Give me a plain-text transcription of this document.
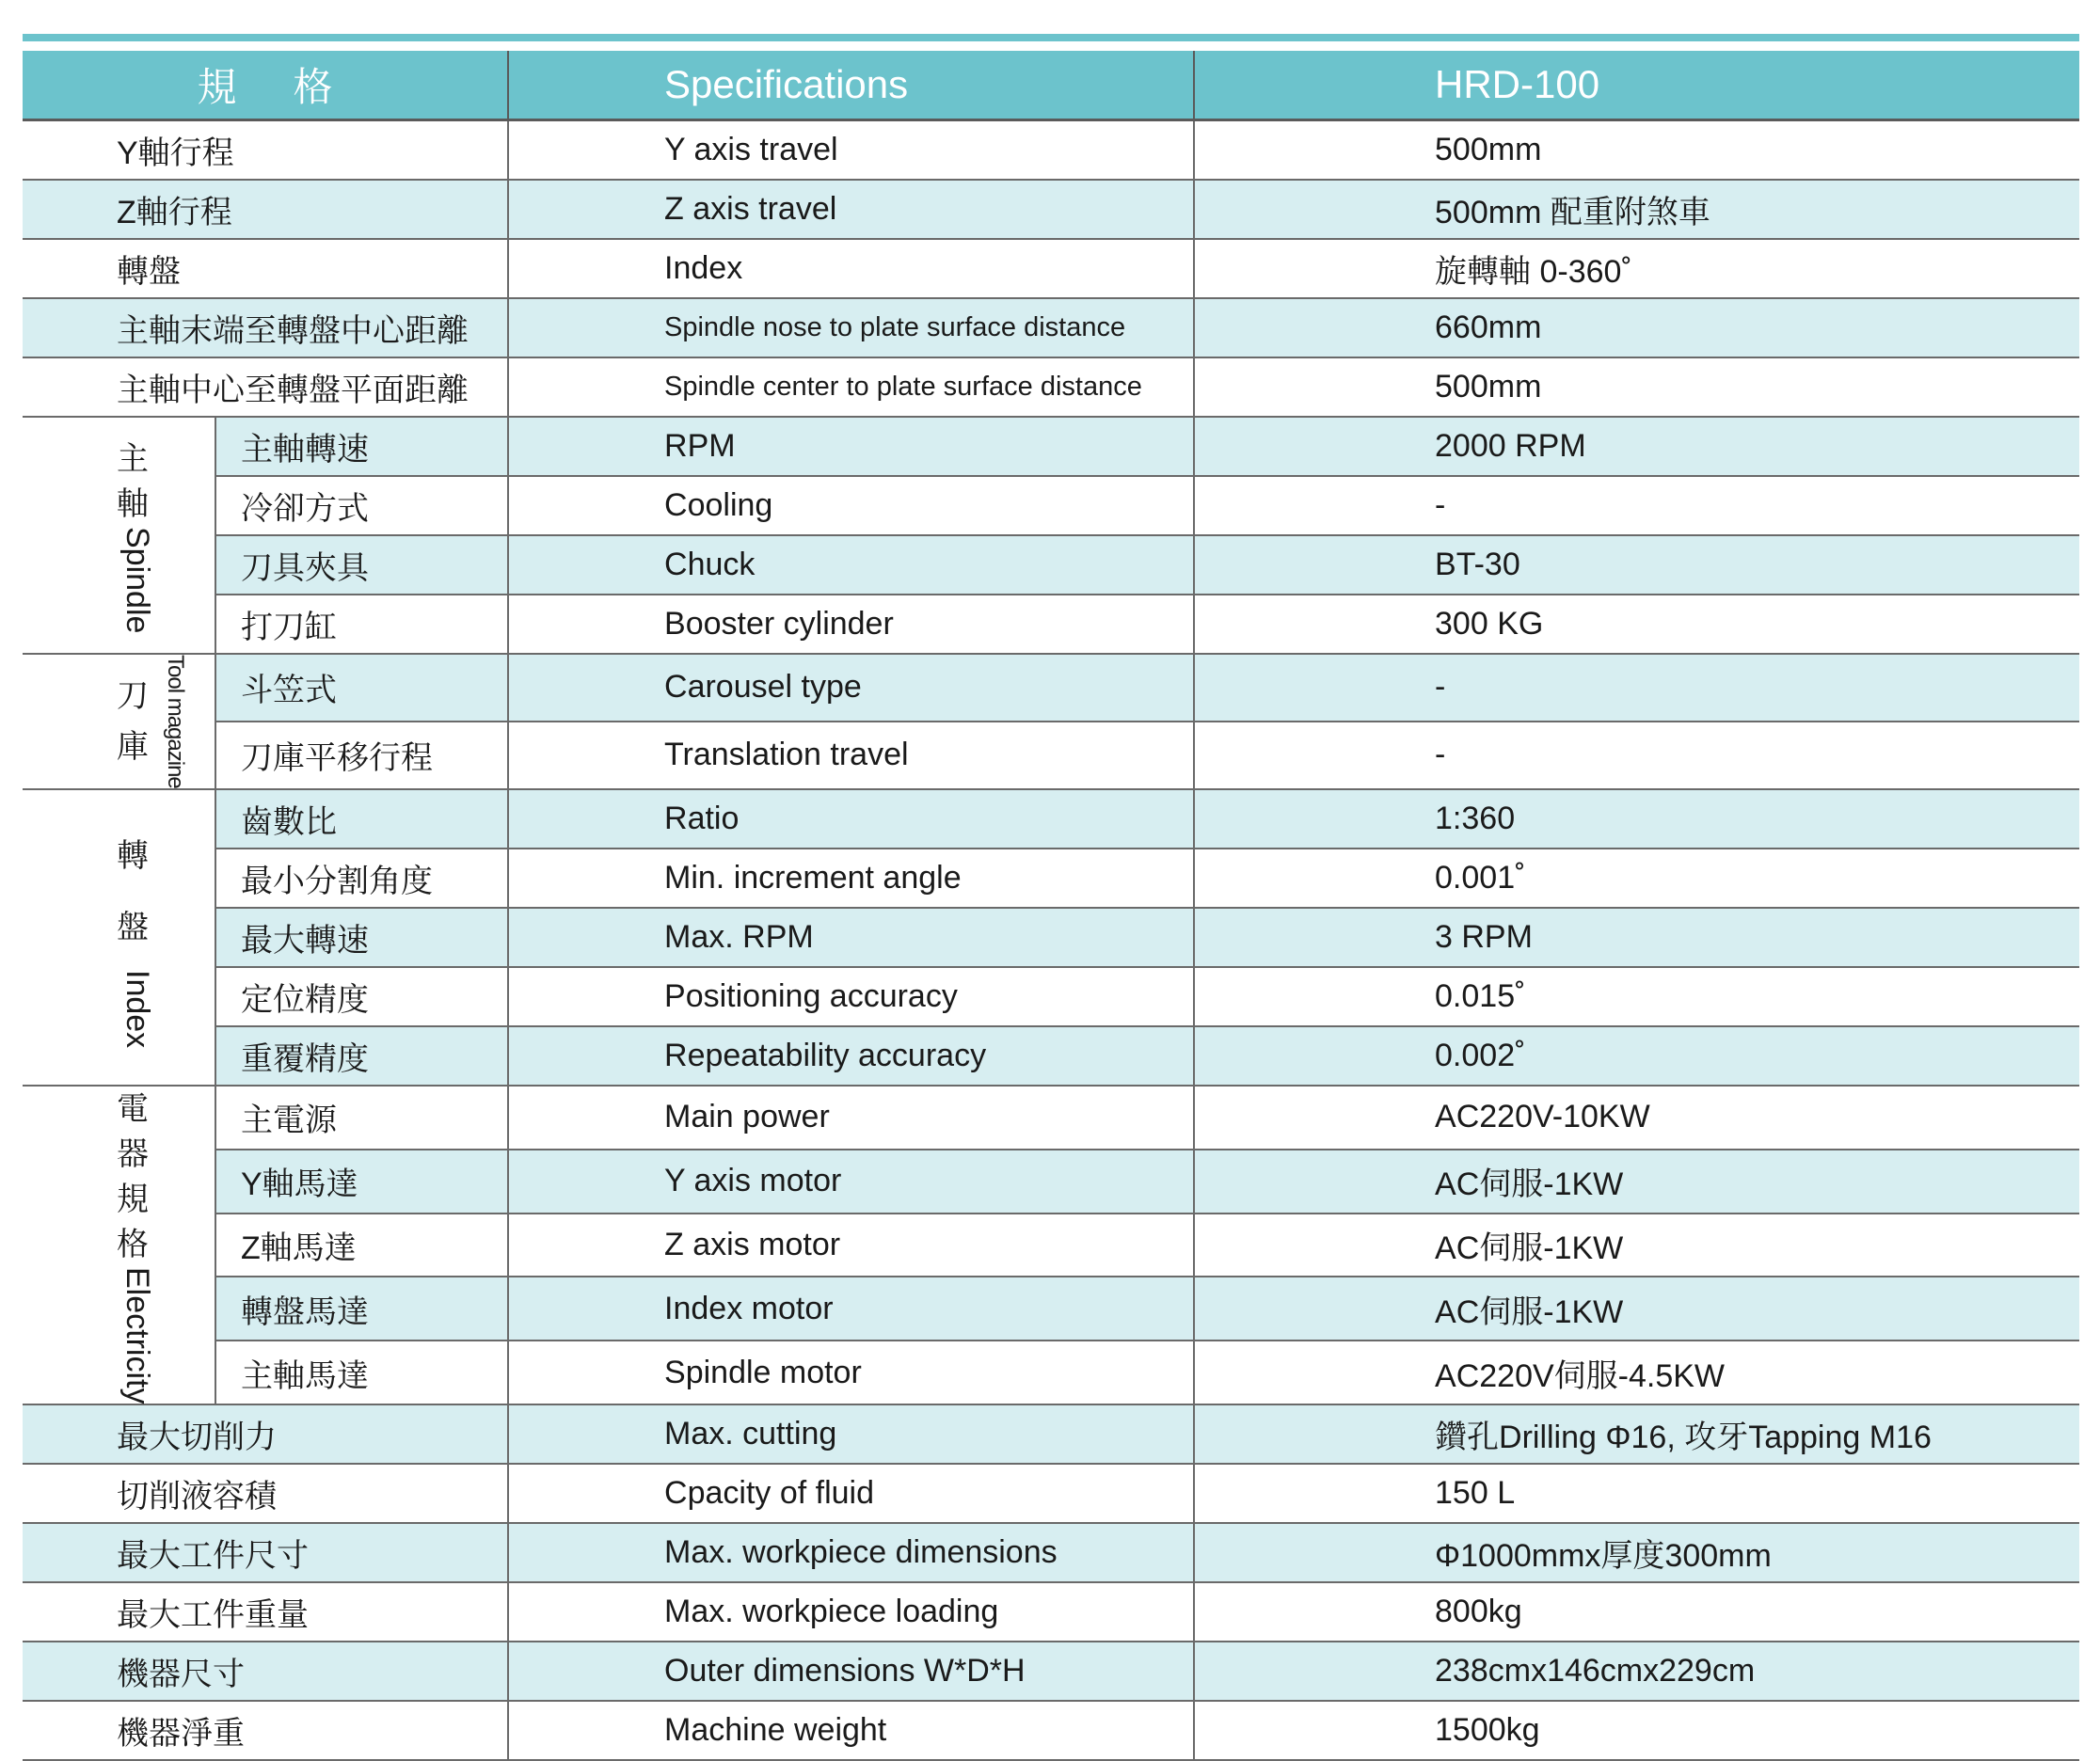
規格		Specifications	HRD-100
Y軸行程		Y axis travel	500mm
Z軸行程		Z axis travel	500mm 配重附煞車
轉盤		Index	旋轉軸 0-360˚
主軸末端至轉盤中心距離		Spindle nose to plate surface distance	660mm
主軸中心至轉盤平面距離		Spindle center to plate surface distance	500mm

主
軸
Spindle	主軸轉速	RPM	2000 RPM
	冷卻方式	Cooling	-
	刀具夾具	Chuck	BT-30
	打刀缸	Booster cylinder	300 KG

刀
庫 Tool magazine	斗笠式	Carousel type	-
	刀庫平移行程	Translation travel	-

轉
盤
Index	齒數比	Ratio	1:360
	最小分割角度	Min. increment angle	0.001˚
	最大轉速	Max. RPM	3 RPM
	定位精度	Positioning accuracy	0.015˚
	重覆精度	Repeatability accuracy	0.002˚

電
器
規
格
Electricity	主電源	Main power	AC220V-10KW
	Y軸馬達	Y axis motor	AC伺服-1KW
	Z軸馬達	Z axis motor	AC伺服-1KW
	轉盤馬達	Index motor	AC伺服-1KW
	主軸馬達	Spindle motor	AC220V伺服-4.5KW
最大切削力		Max. cutting	鑽孔Drilling Φ16, 攻牙Tapping M16
切削液容積		Cpacity of fluid	150 L
最大工件尺寸		Max. workpiece dimensions	Φ1000mmx厚度300mm
最大工件重量		Max. workpiece loading	800kg
機器尺寸		Outer dimensions W*D*H	238cmx146cmx229cm
機器淨重		Machine weight	1500kg
